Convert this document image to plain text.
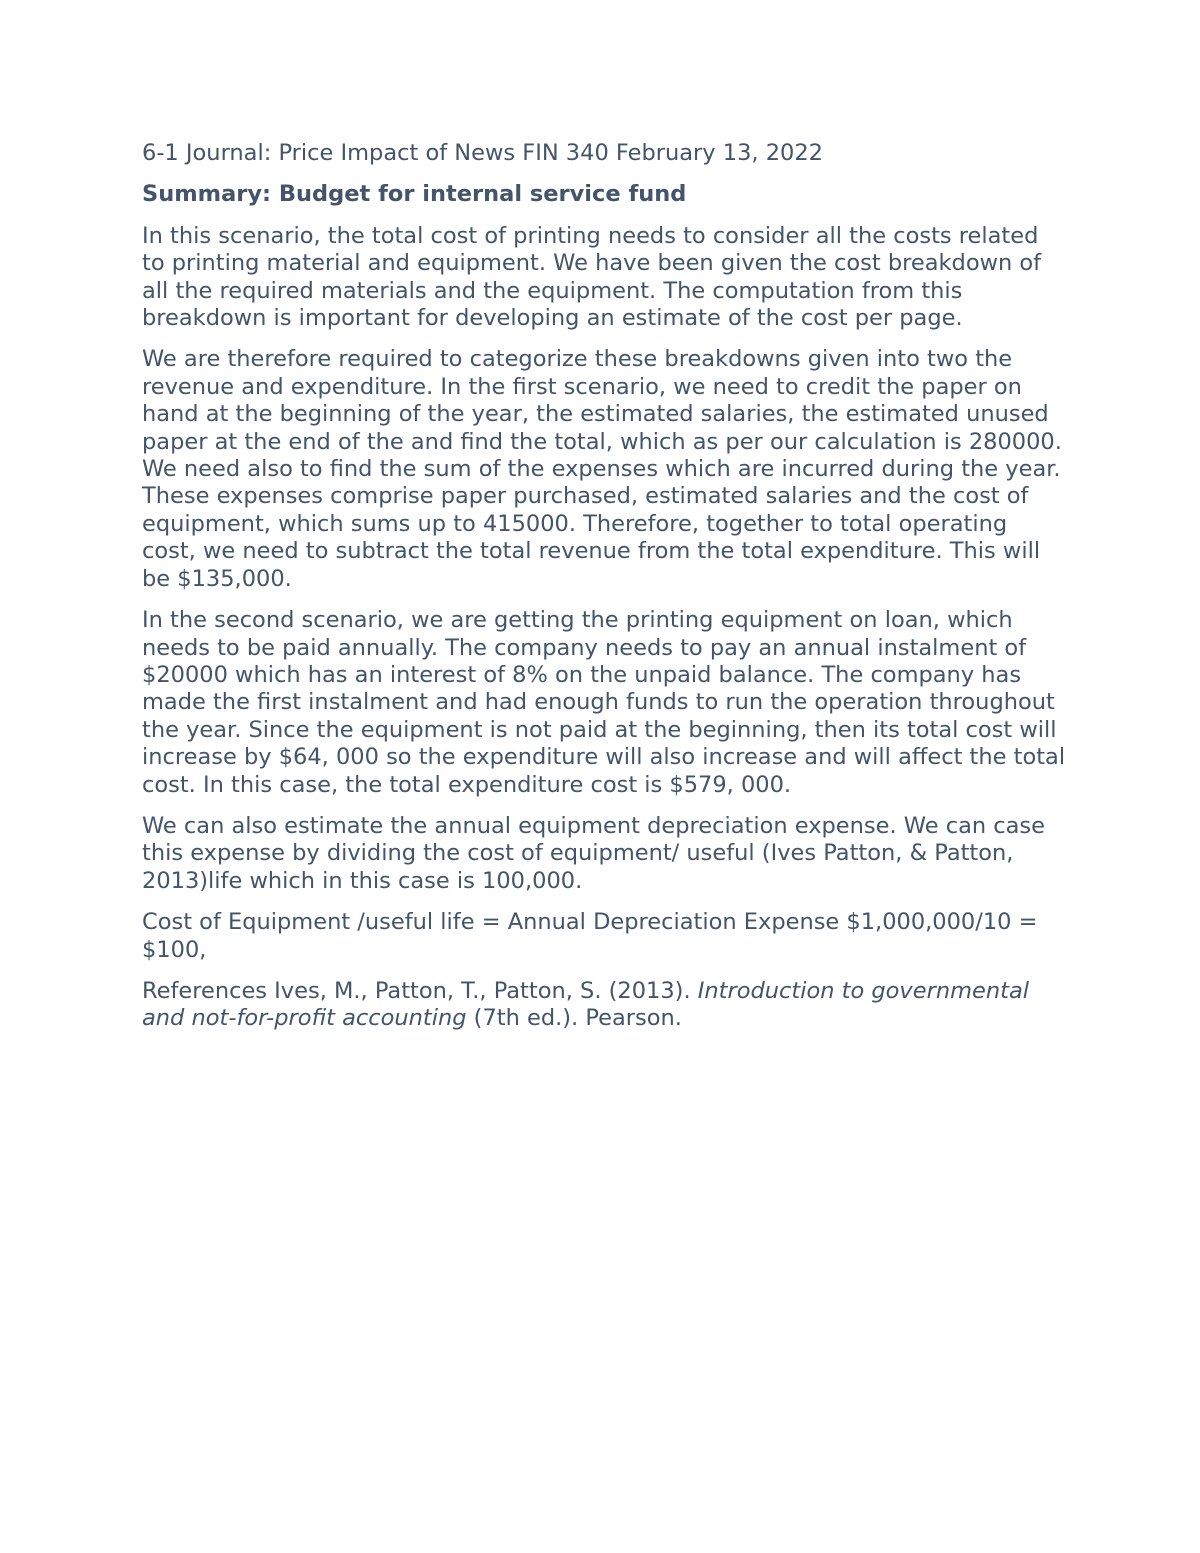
6-1 Journal: Price Impact of News FIN 340 February 13, 2022

Summary: Budget for internal service fund

In this scenario, the total cost of printing needs to consider all the costs related to printing material and equipment. We have been given the cost breakdown of all the required materials and the equipment. The computation from this breakdown is important for developing an estimate of the cost per page.

We are therefore required to categorize these breakdowns given into two the revenue and expenditure. In the first scenario, we need to credit the paper on hand at the beginning of the year, the estimated salaries, the estimated unused paper at the end of the and find the total, which as per our calculation is 280000. We need also to find the sum of the expenses which are incurred during the year. These expenses comprise paper purchased, estimated salaries and the cost of equipment, which sums up to 415000. Therefore, together to total operating cost, we need to subtract the total revenue from the total expenditure. This will be $135,000.

In the second scenario, we are getting the printing equipment on loan, which needs to be paid annually. The company needs to pay an annual instalment of $20000 which has an interest of 8% on the unpaid balance. The company has made the first instalment and had enough funds to run the operation throughout the year. Since the equipment is not paid at the beginning, then its total cost will increase by $64, 000 so the expenditure will also increase and will affect the total cost. In this case, the total expenditure cost is $579, 000.

We can also estimate the annual equipment depreciation expense. We can case this expense by dividing the cost of equipment/ useful (Ives Patton, & Patton, 2013)life which in this case is 100,000.

Cost of Equipment /useful life = Annual Depreciation Expense $1,000,000/10 = $100,

References Ives, M., Patton, T., Patton, S. (2013). Introduction to governmental and not-for-profit accounting (7th ed.). Pearson.
